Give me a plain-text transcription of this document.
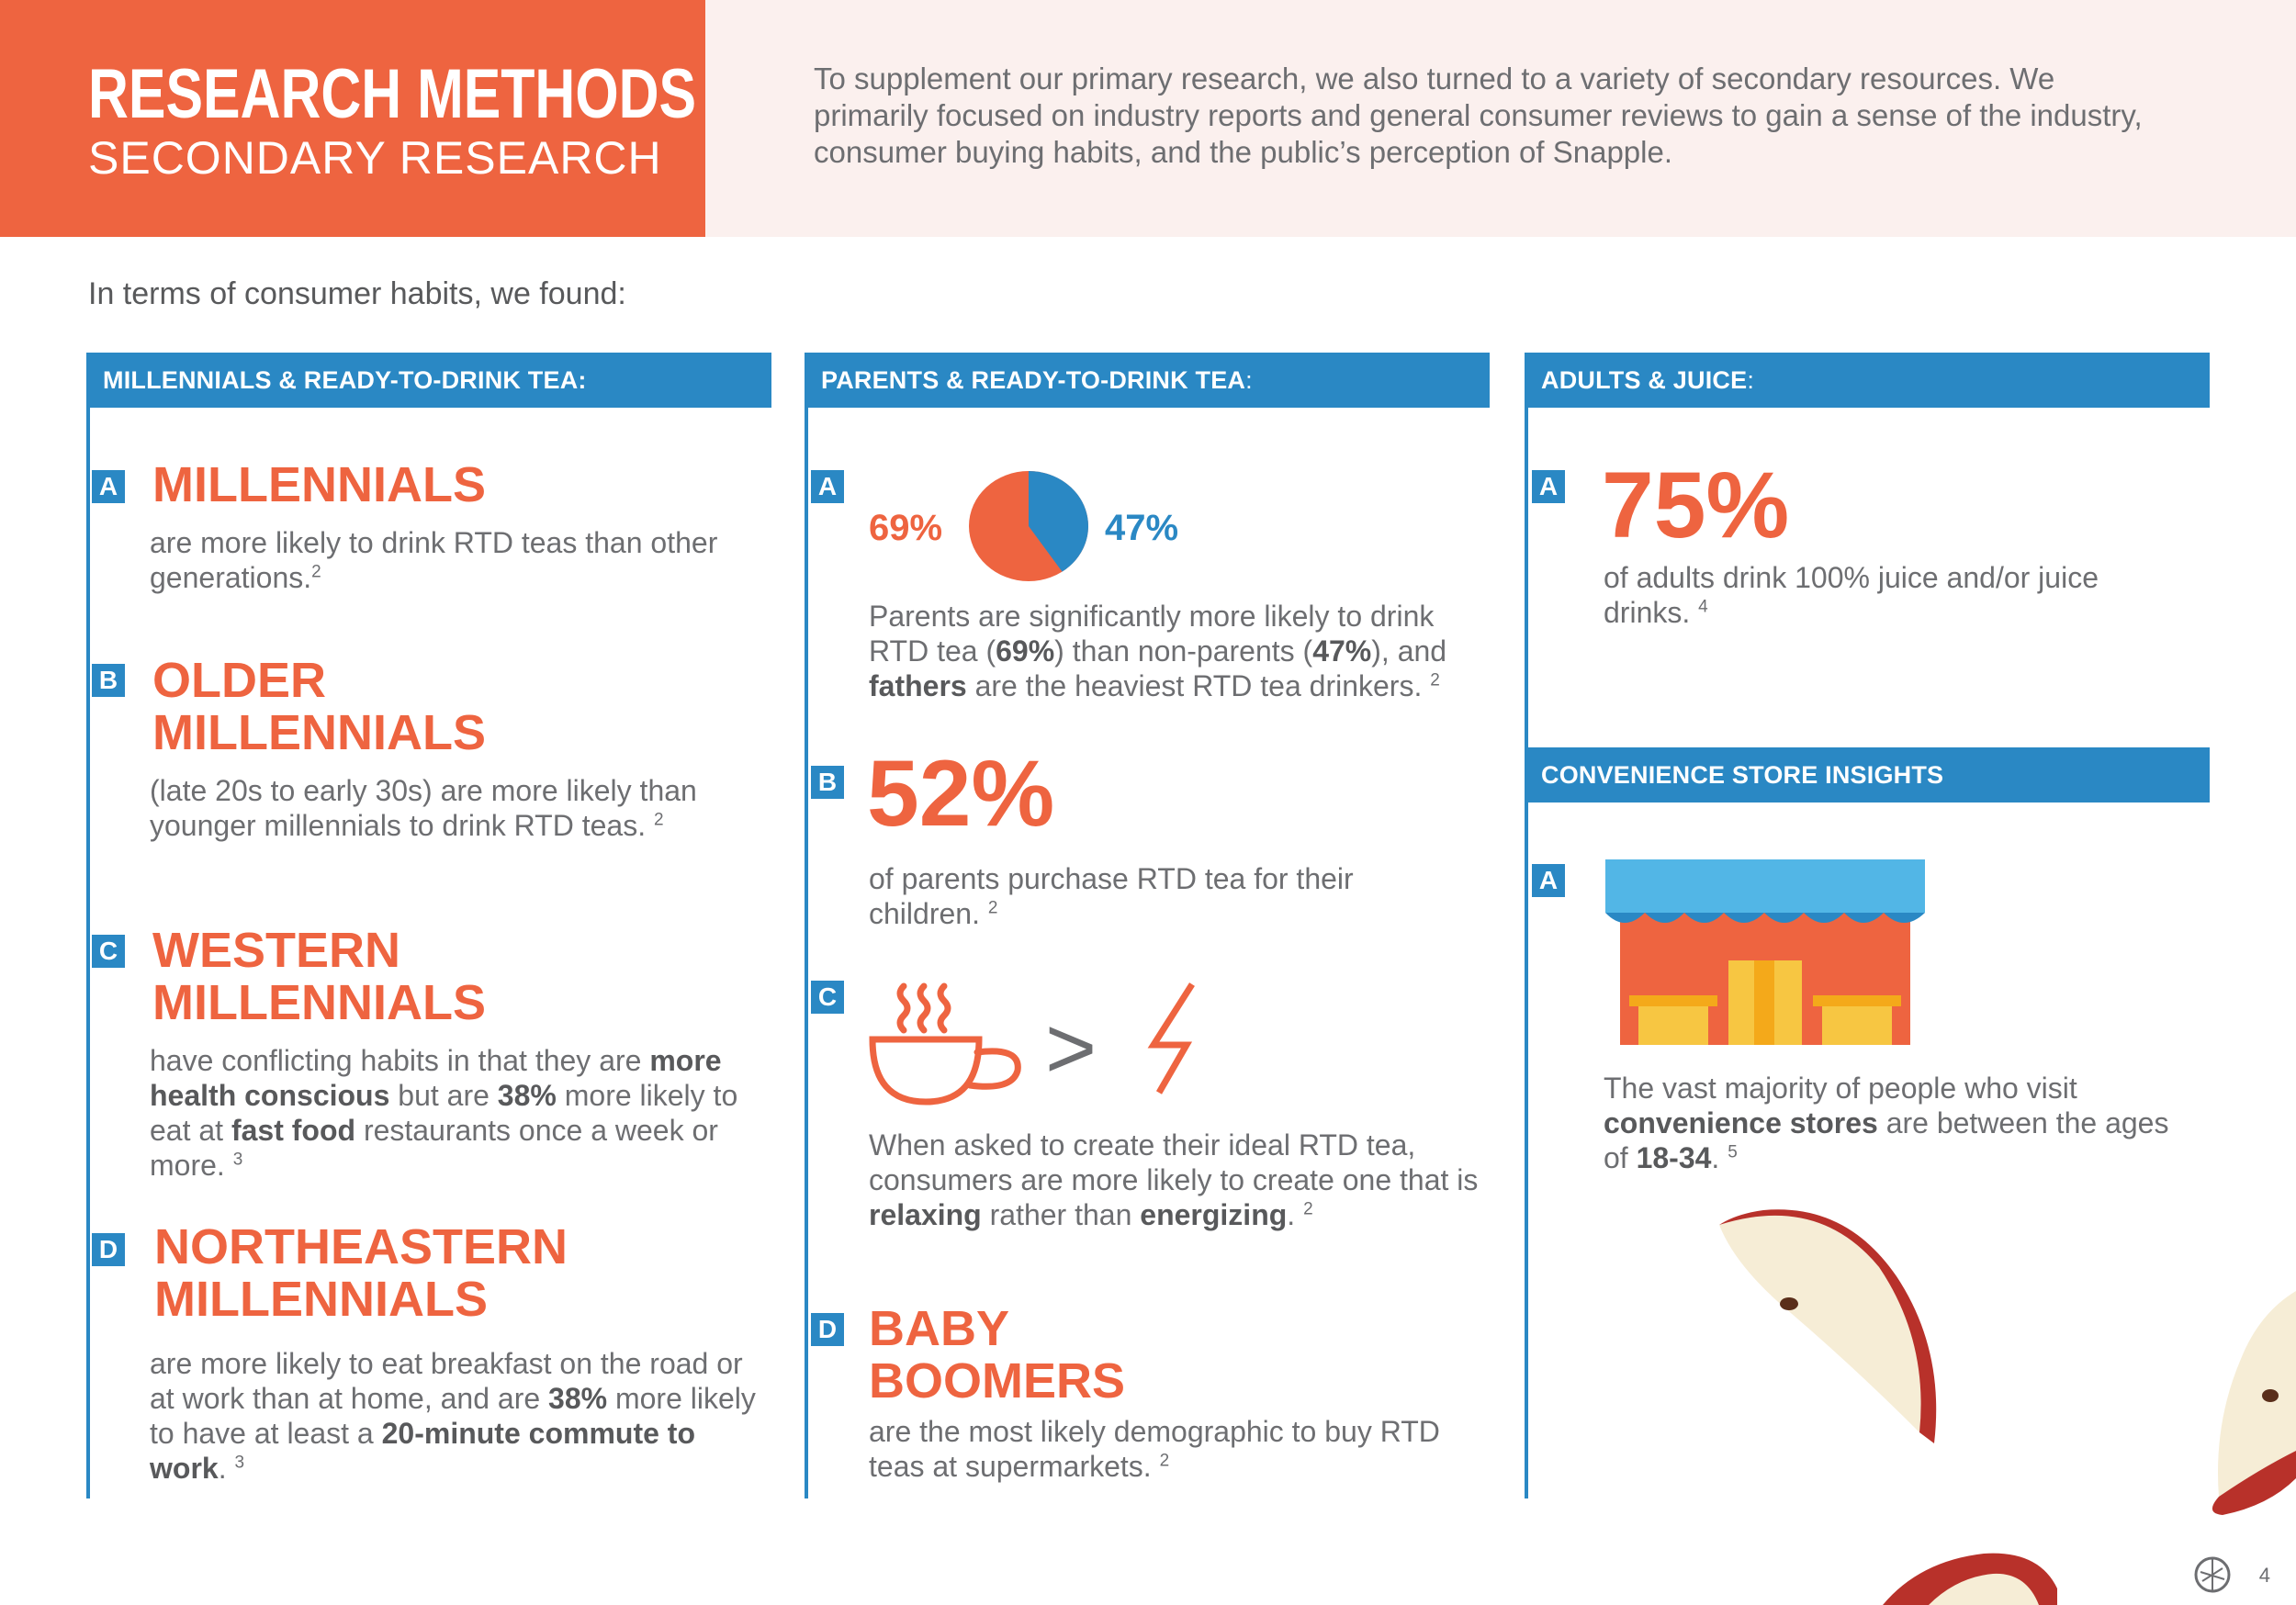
RESEARCH METHODS
SECONDARY RESEARCH
To supplement our primary research, we also turned to a variety of secondary resources. We primarily focused on industry reports and general consumer reviews to gain a sense of the industry, consumer buying habits, and the public’s perception of Snapple.
In terms of consumer habits, we found:
MILLENNIALS & READY-TO-DRINK TEA:
A MILLENNIALS
are more likely to drink RTD teas than other generations.$^2$
B OLDER
MILLENNIALS
(late 20s to early 30s) are more likely than younger millennials to drink RTD teas. $^2$
C WESTERN
MILLENNIALS
have conflicting habits in that they are more health conscious but are 38% more likely to eat at fast food restaurants once a week or more. $^3$
D NORTHEASTERN
MILLENNIALS
are more likely to eat breakfast on the road or at work than at home, and are 38% more likely to have at least a 20-minute commute to work. $^3$
PARENTS & READY-TO-DRINK TEA:
A
69%	47%
Parents are significantly more likely to drink RTD tea (69%) than non-parents (47%), and fathers are the heaviest RTD tea drinkers. $^2$
B 52%
of parents purchase RTD tea for their children. $^2$
C
>
When asked to create their ideal RTD tea, consumers are more likely to create one that is relaxing rather than energizing. $^2$
D BABY
BOOMERS
are the most likely demographic to buy RTD teas at supermarkets. $^2$
ADULTS & JUICE:
A 75%
of adults drink 100% juice and/or juice drinks. $^4$
CONVENIENCE STORE INSIGHTS
A
The vast majority of people who visit convenience stores are between the ages of 18-34. $^5$
4
